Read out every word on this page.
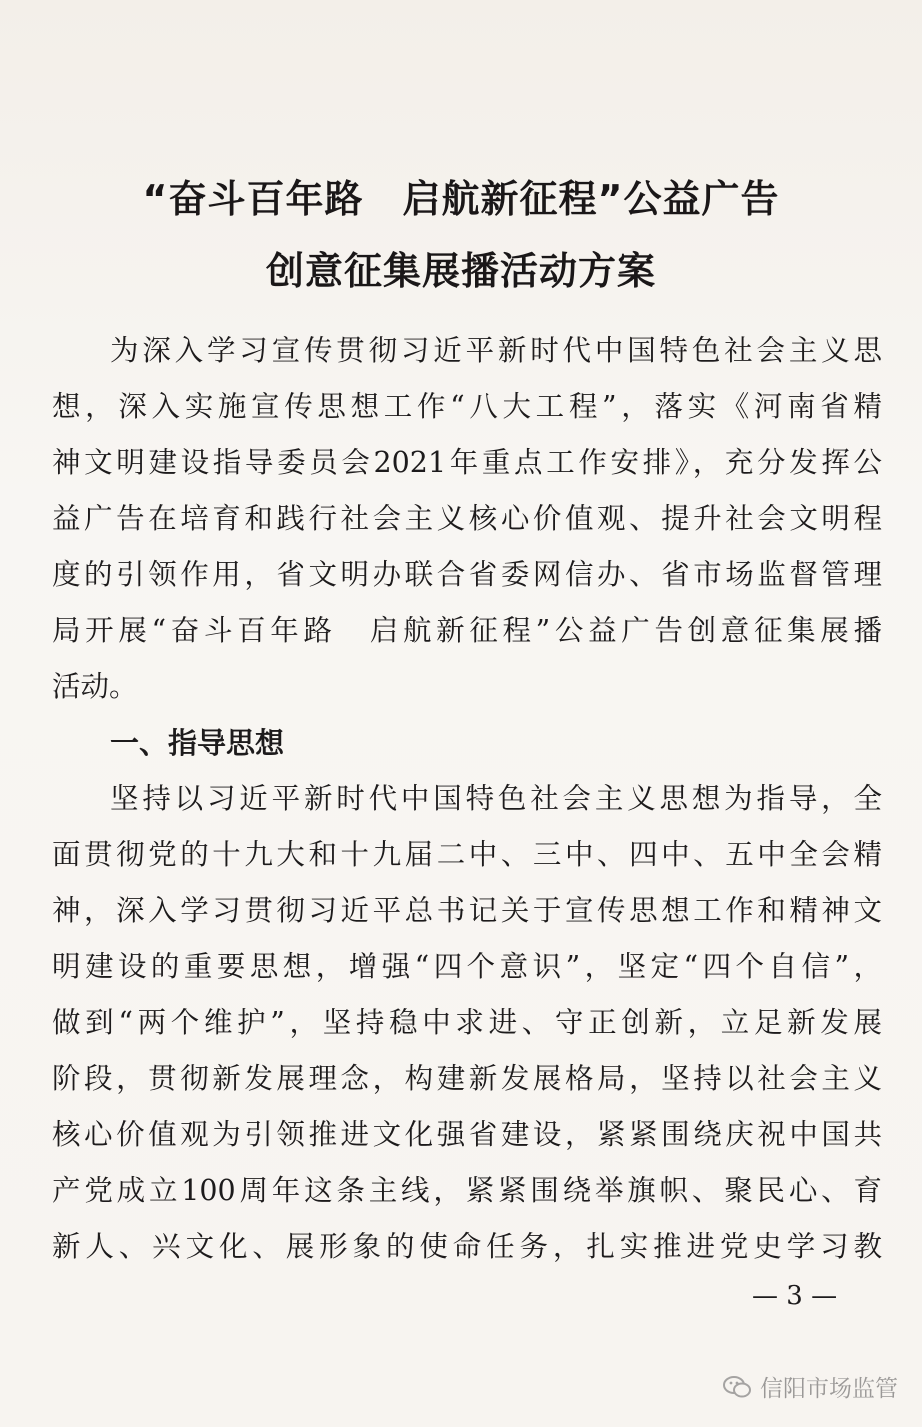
“奋斗百年路　启航新征程”公益广告
创意征集展播活动方案
为深入学习宣传贯彻习近平新时代中国特色社会主义思
想，深入实施宣传思想工作“八大工程”，落实《河南省精
神文明建设指导委员会2021年重点工作安排》，充分发挥公
益广告在培育和践行社会主义核心价值观、提升社会文明程
度的引领作用，省文明办联合省委网信办、省市场监督管理
局开展“奋斗百年路　启航新征程”公益广告创意征集展播
活动。
一、指导思想
坚持以习近平新时代中国特色社会主义思想为指导，全
面贯彻党的十九大和十九届二中、三中、四中、五中全会精
神，深入学习贯彻习近平总书记关于宣传思想工作和精神文
明建设的重要思想，增强“四个意识”，坚定“四个自信”，
做到“两个维护”，坚持稳中求进、守正创新，立足新发展
阶段，贯彻新发展理念，构建新发展格局，坚持以社会主义
核心价值观为引领推进文化强省建设，紧紧围绕庆祝中国共
产党成立100周年这条主线，紧紧围绕举旗帜、聚民心、育
新人、兴文化、展形象的使命任务，扎实推进党史学习教
— 3 —
信阳市场监管
